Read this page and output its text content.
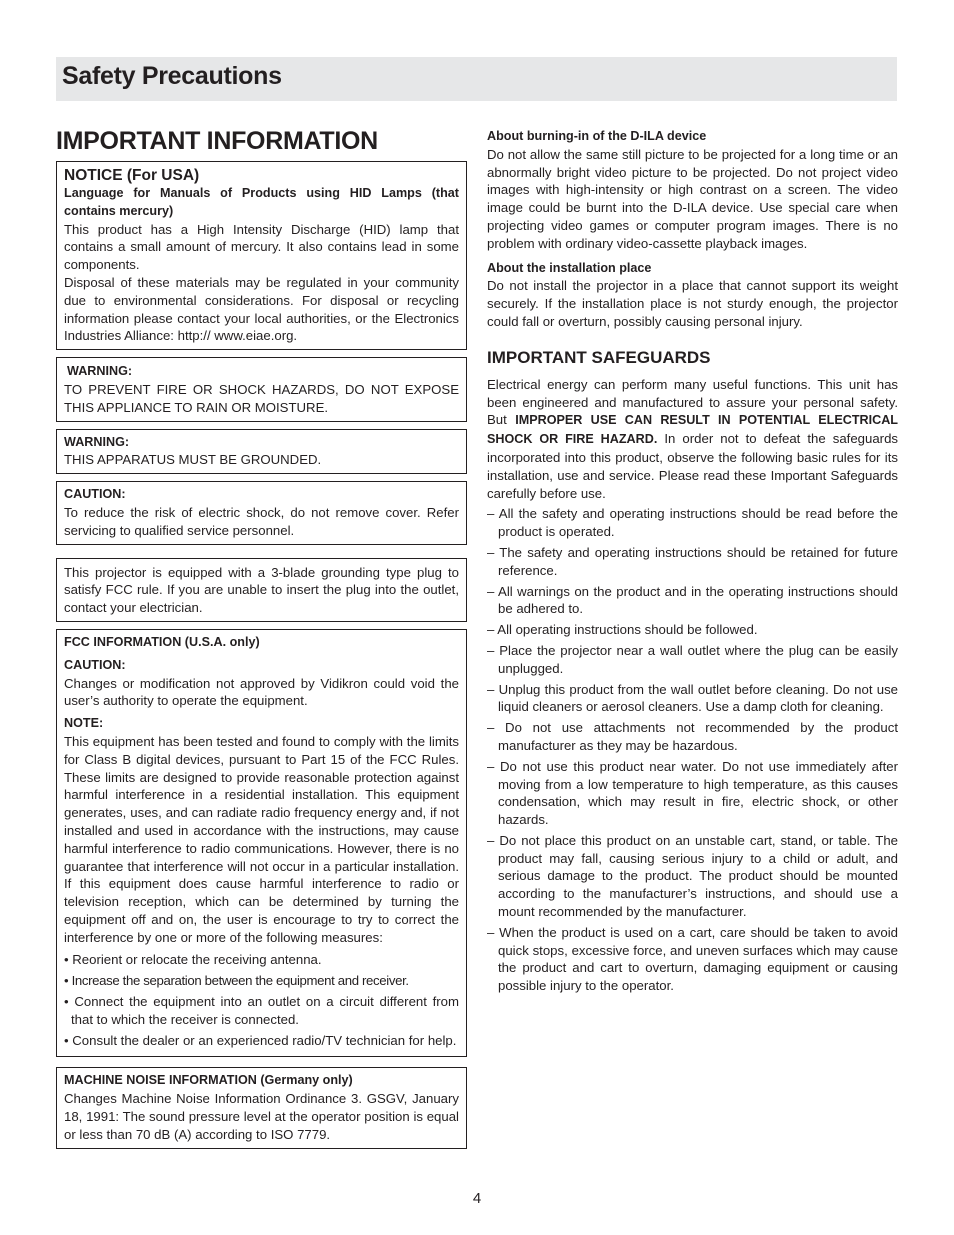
Safety Precautions
IMPORTANT INFORMATION
NOTICE (For USA)

Language for Manuals of Products using HID Lamps (that contains mercury)

This product has a High Intensity Discharge (HID) lamp that contains a small amount of mercury. It also contains lead in some components.

Disposal of these materials may be regulated in your community due to environmental considerations. For disposal or recycling information please contact your local authorities, or the Electronics Industries Alliance: http:// www.eiae.org.

WARNING:

TO PREVENT FIRE OR SHOCK HAZARDS, DO NOT EXPOSE THIS APPLIANCE TO RAIN OR MOISTURE.

WARNING:

THIS APPARATUS MUST BE GROUNDED.

CAUTION:

To reduce the risk of electric shock, do not remove cover. Refer servicing to qualified service personnel.

This projector is equipped with a 3-blade grounding type plug to satisfy FCC rule. If you are unable to insert the plug into the outlet, contact your electrician.

FCC INFORMATION (U.S.A. only)

CAUTION:

Changes or modification not approved by Vidikron could void the user’s authority to operate the equipment.

NOTE:

This equipment has been tested and found to comply with the limits for Class B digital devices, pursuant to Part 15 of the FCC Rules. These limits are designed to provide reasonable protection against harmful interference in a residential installation. This equipment generates, uses, and can radiate radio frequency energy and, if not installed and used in accordance with the instructions, may cause harmful interference to radio communications. However, there is no guarantee that interference will not occur in a particular installation. If this equipment does cause harmful interference to radio or television reception, which can be determined by turning the equipment off and on, the user is encourage to try to correct the interference by one or more of the following measures:

• Reorient or relocate the receiving antenna.
• Increase the separation between the equipment and receiver.
• Connect the equipment into an outlet on a circuit different from that to which the receiver is connected.
• Consult the dealer or an experienced radio/TV technician for help.

MACHINE NOISE INFORMATION (Germany only)

Changes Machine Noise Information Ordinance 3. GSGV, January 18, 1991: The sound pressure level at the operator position is equal or less than 70 dB (A) according to ISO 7779.

About burning-in of the D-ILA device

Do not allow the same still picture to be projected for a long time or an abnormally bright video picture to be projected. Do not project video images with high-intensity or high contrast on a screen. The video image could be burnt into the D-ILA device. Use special care when projecting video games or computer program images. There is no problem with ordinary video-cassette playback images.

About the installation place

Do not install the projector in a place that cannot support its weight securely. If the installation place is not sturdy enough, the projector could fall or overturn, possibly causing personal injury.

IMPORTANT SAFEGUARDS

Electrical energy can perform many useful functions. This unit has been engineered and manufactured to assure your personal safety. But IMPROPER USE CAN RESULT IN POTENTIAL ELECTRICAL SHOCK OR FIRE HAZARD. In order not to defeat the safeguards incorporated into this product, observe the following basic rules for its installation, use and service. Please read these Important Safeguards carefully before use.

– All the safety and operating instructions should be read before the product is operated.
– The safety and operating instructions should be retained for future reference.
– All warnings on the product and in the operating instructions should be adhered to.
– All operating instructions should be followed.
– Place the projector near a wall outlet where the plug can be easily unplugged.
– Unplug this product from the wall outlet before cleaning. Do not use liquid cleaners or aerosol cleaners. Use a damp cloth for cleaning.
– Do not use attachments not recommended by the product manufacturer as they may be hazardous.
– Do not use this product near water. Do not use immediately after moving from a low temperature to high temperature, as this causes condensation, which may result in fire, electric shock, or other hazards.
– Do not place this product on an unstable cart, stand, or table. The product may fall, causing serious injury to a child or adult, and serious damage to the product. The product should be mounted according to the manufacturer’s instructions, and should use a mount recommended by the manufacturer.
– When the product is used on a cart, care should be taken to avoid quick stops, excessive force, and uneven surfaces which may cause the product and cart to overturn, damaging equipment or causing possible injury to the operator.
4
